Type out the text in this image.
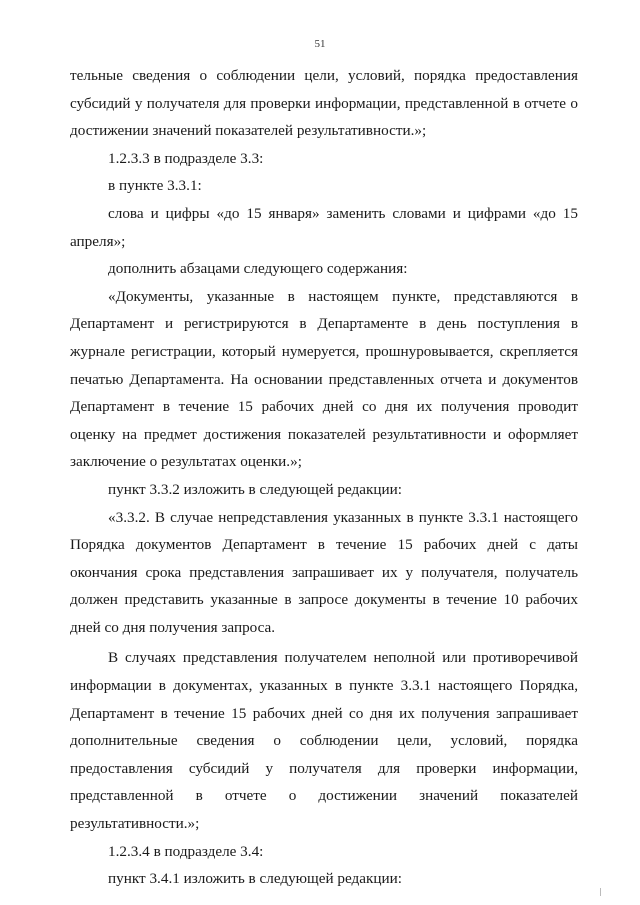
51

тельные сведения о соблюдении цели, условий, порядка предоставления субсидий у получателя для проверки информации, представленной в отчете о достижении значений показателей результативности.»;

1.2.3.3 в подразделе 3.3:

в пункте 3.3.1:

слова и цифры «до 15 января» заменить словами и цифрами «до 15 апреля»;

дополнить абзацами следующего содержания:

«Документы, указанные в настоящем пункте, представляются в Департамент и регистрируются в Департаменте в день поступления в журнале регистрации, который нумеруется, прошнуровывается, скрепляется печатью Департамента. На основании представленных отчета и документов Департамент в течение 15 рабочих дней со дня их получения проводит оценку на предмет достижения показателей результативности и оформляет заключение о результатах оценки.»;

пункт 3.3.2 изложить в следующей редакции:

«3.3.2. В случае непредставления указанных в пункте 3.3.1 настоящего Порядка документов Департамент в течение 15 рабочих дней с даты окончания срока представления запрашивает их у получателя, получатель должен представить указанные в запросе документы в течение 10 рабочих дней со дня получения запроса.

В случаях представления получателем неполной или противоречивой информации в документах, указанных в пункте 3.3.1 настоящего Порядка, Департамент в течение 15 рабочих дней со дня их получения запрашивает дополнительные сведения о соблюдении цели, условий, порядка предоставления субсидий у получателя для проверки информации, представленной в отчете о достижении значений показателей результативности.»;

1.2.3.4 в подразделе 3.4:

пункт 3.4.1 изложить в следующей редакции:
